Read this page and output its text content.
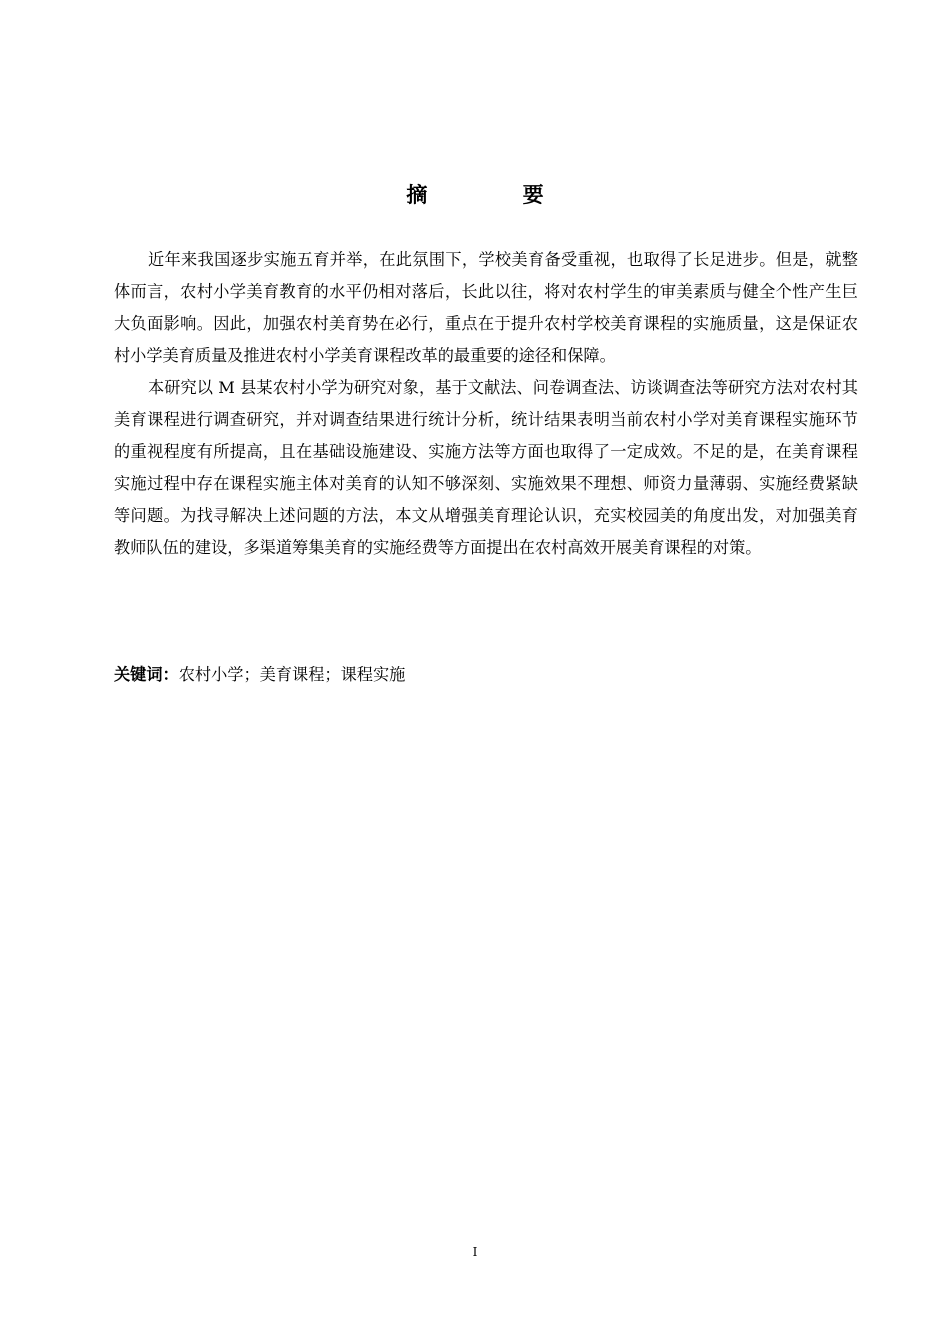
摘 要

近年来我国逐步实施五育并举，在此氛围下，学校美育备受重视，也取得了长足进步。但是，就整体而言，农村小学美育教育的水平仍相对落后，长此以往，将对农村学生的审美素质与健全个性产生巨大负面影响。因此，加强农村美育势在必行，重点在于提升农村学校美育课程的实施质量，这是保证农村小学美育质量及推进农村小学美育课程改革的最重要的途径和保障。

本研究以 M 县某农村小学为研究对象，基于文献法、问卷调查法、访谈调查法等研究方法对农村其美育课程进行调查研究，并对调查结果进行统计分析，统计结果表明当前农村小学对美育课程实施环节的重视程度有所提高，且在基础设施建设、实施方法等方面也取得了一定成效。不足的是，在美育课程实施过程中存在课程实施主体对美育的认知不够深刻、实施效果不理想、师资力量薄弱、实施经费紧缺等问题。为找寻解决上述问题的方法，本文从增强美育理论认识，充实校园美的角度出发，对加强美育教师队伍的建设，多渠道筹集美育的实施经费等方面提出在农村高效开展美育课程的对策。

关键词：农村小学；美育课程；课程实施
I
